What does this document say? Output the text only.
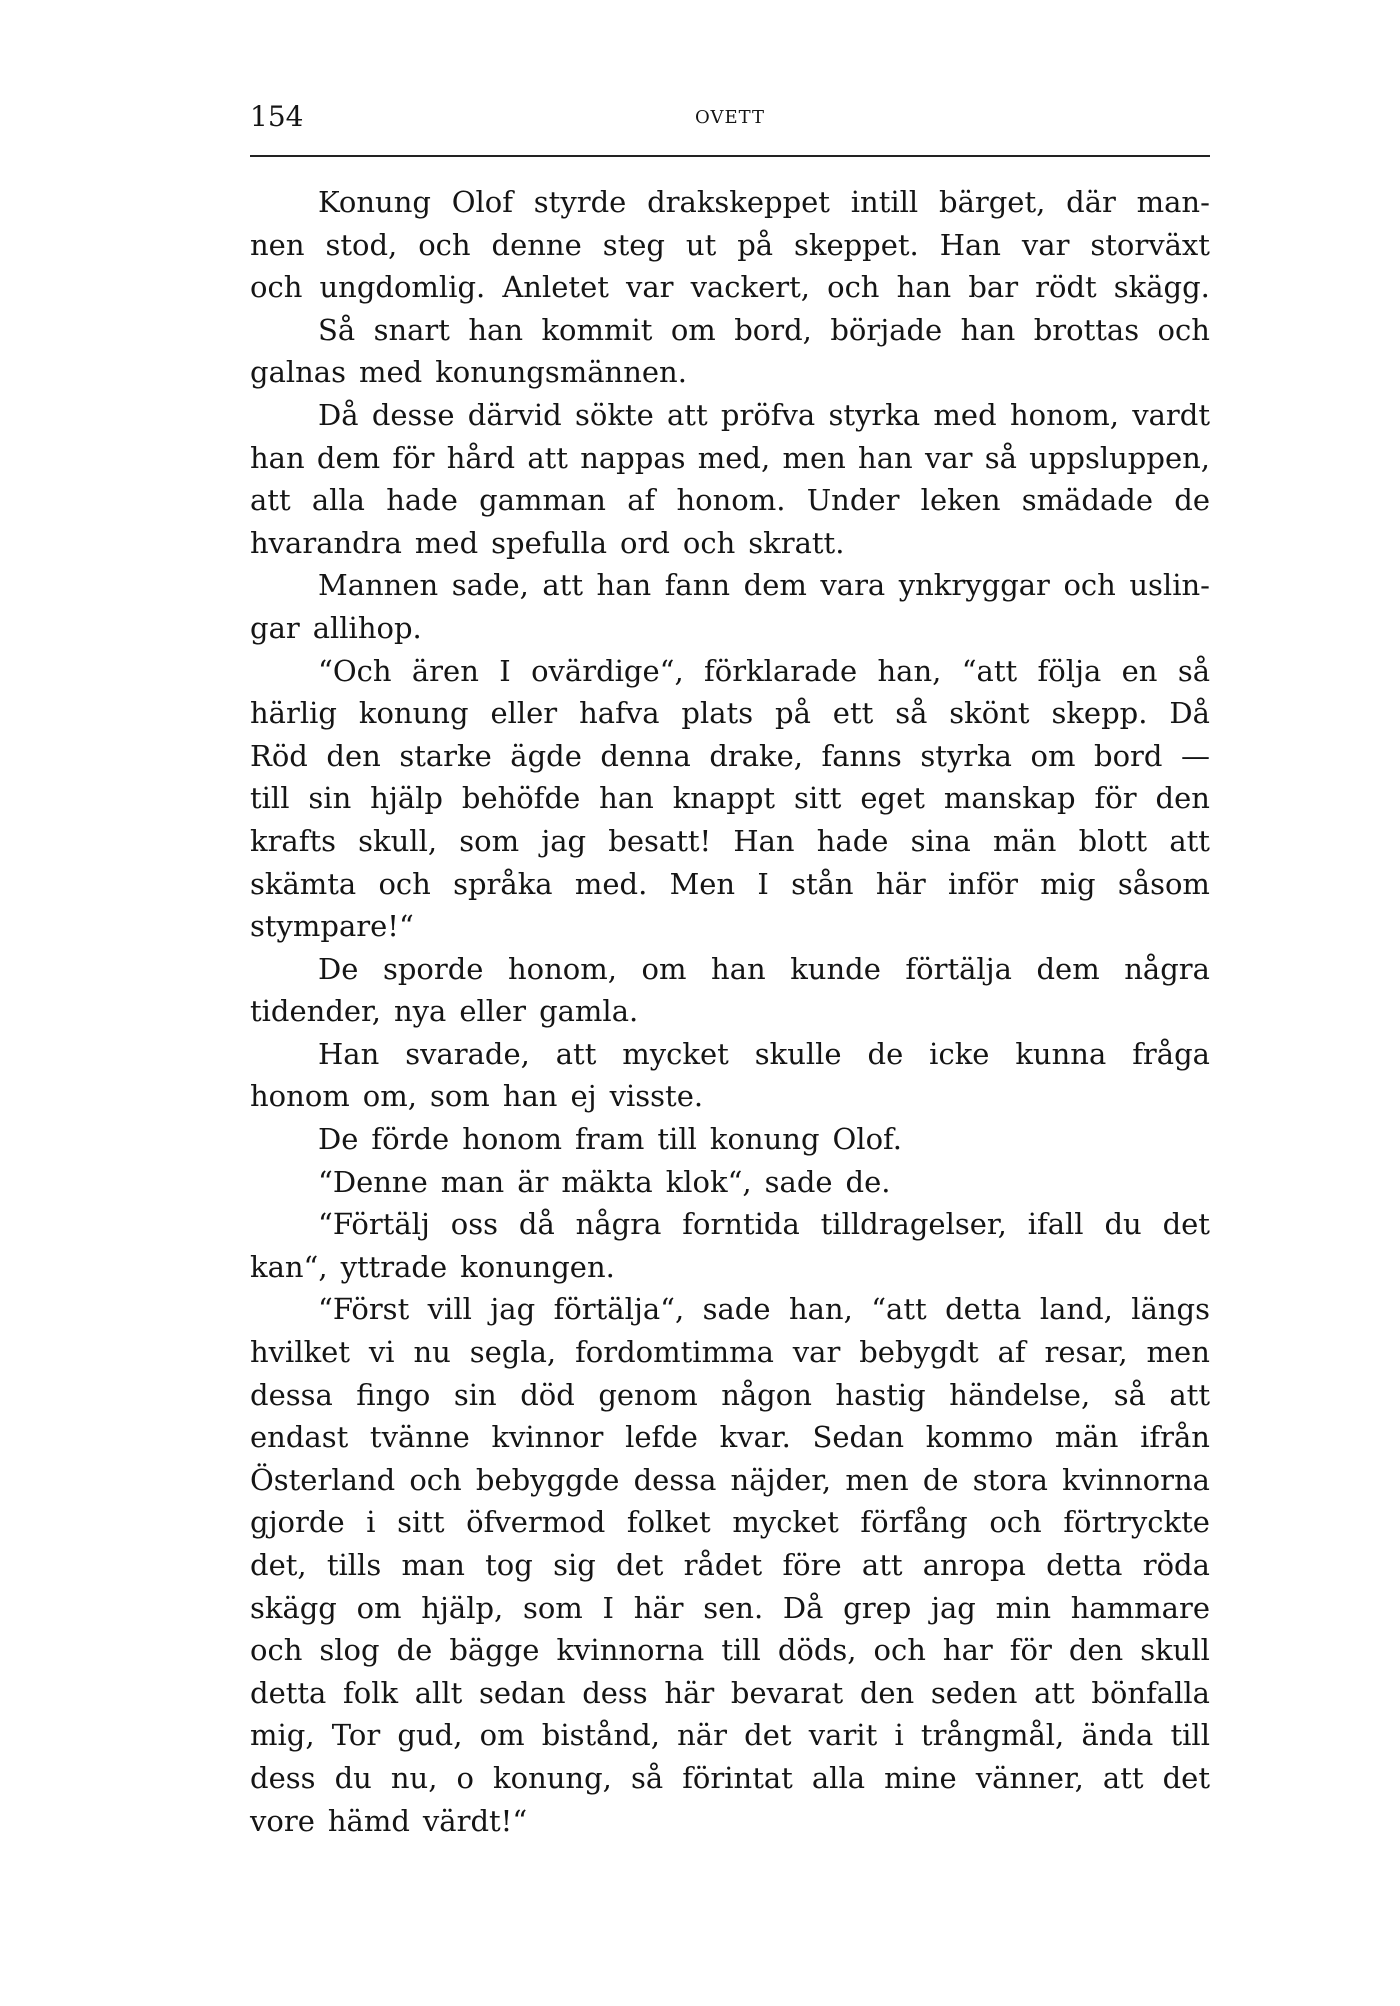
154	OVETT
Konung Olof styrde drakskeppet intill bärget, där man-
nen stod, och denne steg ut på skeppet. Han var storväxt
och ungdomlig. Anletet var vackert, och han bar rödt skägg.
Så snart han kommit om bord, började han brottas och
galnas med konungsmännen.
Då desse därvid sökte att pröfva styrka med honom, vardt
han dem för hård att nappas med, men han var så uppsluppen,
att alla hade gamman af honom. Under leken smädade de
hvarandra med spefulla ord och skratt.
Mannen sade, att han fann dem vara ynkryggar och uslin-
gar allihop.
“Och ären I ovärdige“, förklarade han, “att följa en så
härlig konung eller hafva plats på ett så skönt skepp. Då
Röd den starke ägde denna drake, fanns styrka om bord —
till sin hjälp behöfde han knappt sitt eget manskap för den
krafts skull, som jag besatt! Han hade sina män blott att
skämta och språka med. Men I stån här inför mig såsom
stympare!“
De sporde honom, om han kunde förtälja dem några
tidender, nya eller gamla.
Han svarade, att mycket skulle de icke kunna fråga
honom om, som han ej visste.
De förde honom fram till konung Olof.
“Denne man är mäkta klok“, sade de.
“Förtälj oss då några forntida tilldragelser, ifall du det
kan“, yttrade konungen.
“Först vill jag förtälja“, sade han, “att detta land, längs
hvilket vi nu segla, fordomtimma var bebygdt af resar, men
dessa fingo sin död genom någon hastig händelse, så att
endast tvänne kvinnor lefde kvar. Sedan kommo män ifrån
Österland och bebyggde dessa näjder, men de stora kvinnorna
gjorde i sitt öfvermod folket mycket förfång och förtryckte
det, tills man tog sig det rådet före att anropa detta röda
skägg om hjälp, som I här sen. Då grep jag min hammare
och slog de bägge kvinnorna till döds, och har för den skull
detta folk allt sedan dess här bevarat den seden att bönfalla
mig, Tor gud, om bistånd, när det varit i trångmål, ända till
dess du nu, o konung, så förintat alla mine vänner, att det
vore hämd värdt!“
